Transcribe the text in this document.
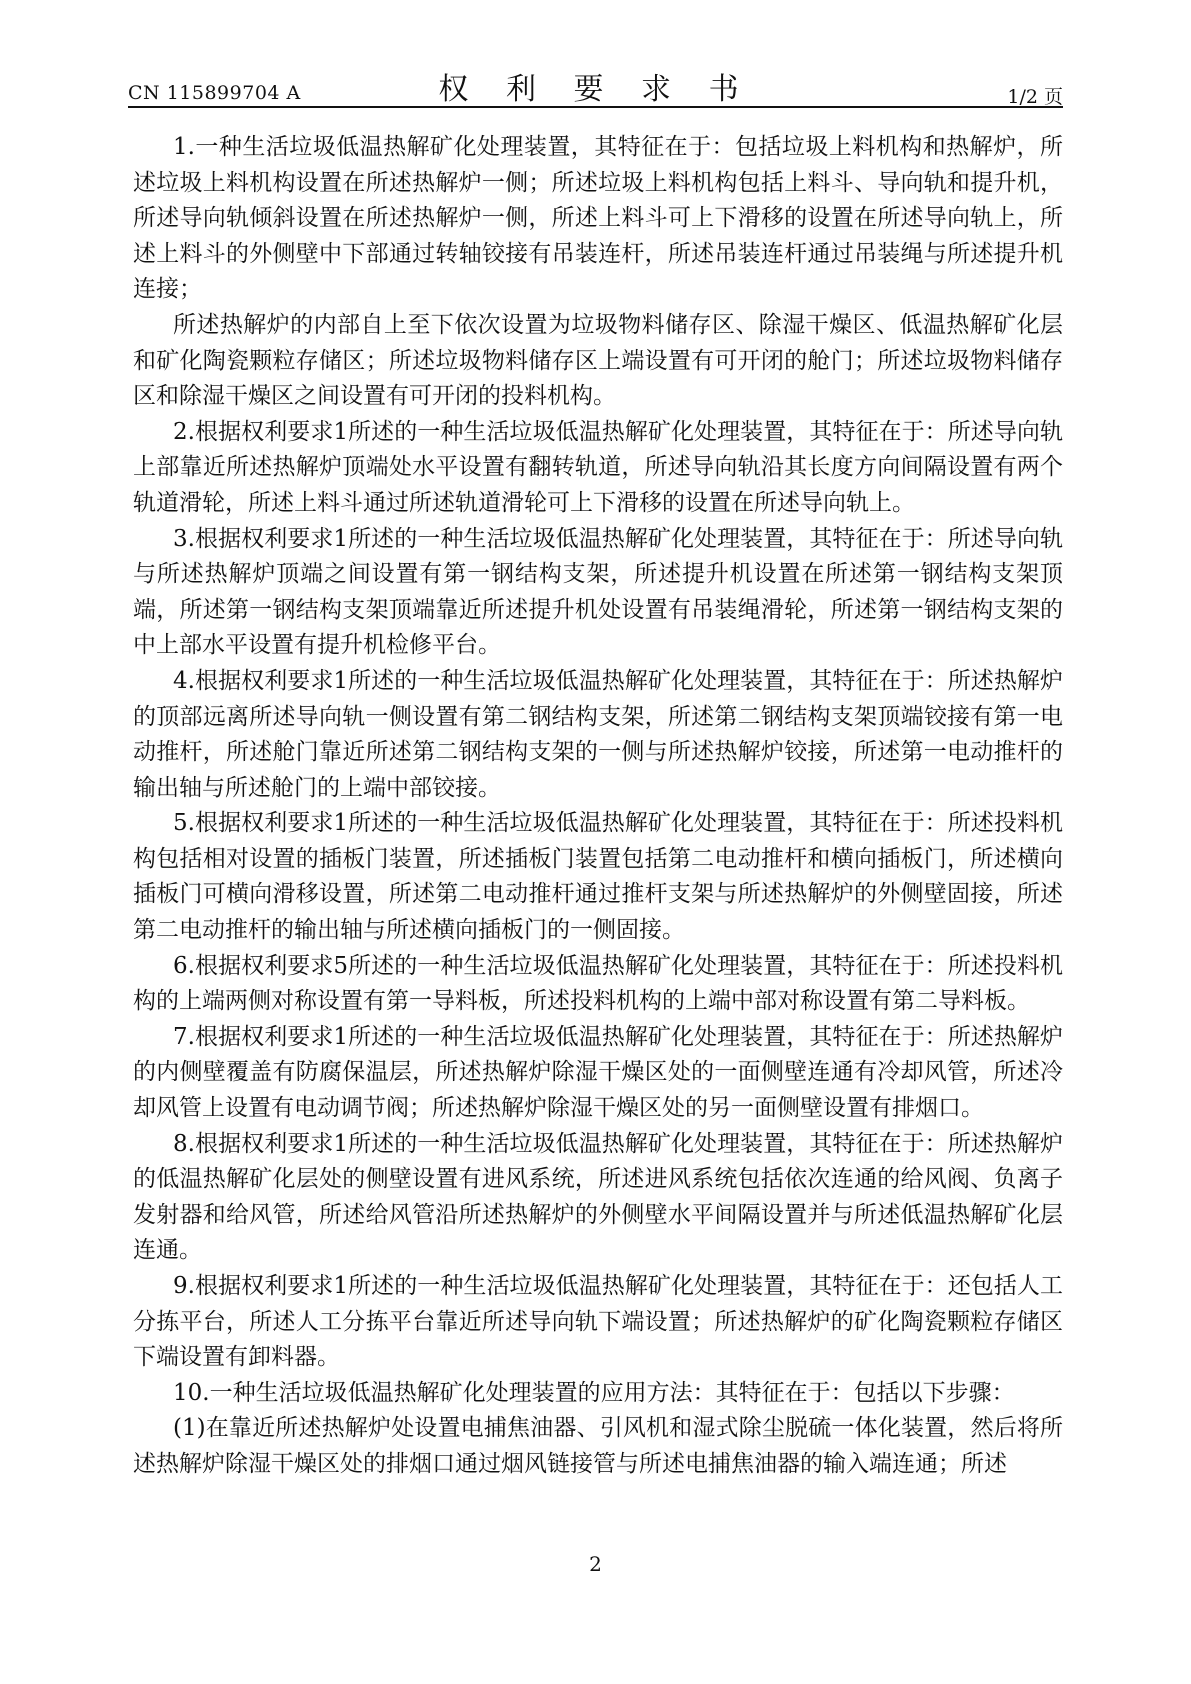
CN 115899704 A	权 利 要 求 书	1/2 页

1.一种生活垃圾低温热解矿化处理装置，其特征在于：包括垃圾上料机构和热解炉，所述垃圾上料机构设置在所述热解炉一侧；所述垃圾上料机构包括上料斗、导向轨和提升机，所述导向轨倾斜设置在所述热解炉一侧，所述上料斗可上下滑移的设置在所述导向轨上，所述上料斗的外侧壁中下部通过转轴铰接有吊装连杆，所述吊装连杆通过吊装绳与所述提升机连接；

所述热解炉的内部自上至下依次设置为垃圾物料储存区、除湿干燥区、低温热解矿化层和矿化陶瓷颗粒存储区；所述垃圾物料储存区上端设置有可开闭的舱门；所述垃圾物料储存区和除湿干燥区之间设置有可开闭的投料机构。

2.根据权利要求1所述的一种生活垃圾低温热解矿化处理装置，其特征在于：所述导向轨上部靠近所述热解炉顶端处水平设置有翻转轨道，所述导向轨沿其长度方向间隔设置有两个轨道滑轮，所述上料斗通过所述轨道滑轮可上下滑移的设置在所述导向轨上。

3.根据权利要求1所述的一种生活垃圾低温热解矿化处理装置，其特征在于：所述导向轨与所述热解炉顶端之间设置有第一钢结构支架，所述提升机设置在所述第一钢结构支架顶端，所述第一钢结构支架顶端靠近所述提升机处设置有吊装绳滑轮，所述第一钢结构支架的中上部水平设置有提升机检修平台。

4.根据权利要求1所述的一种生活垃圾低温热解矿化处理装置，其特征在于：所述热解炉的顶部远离所述导向轨一侧设置有第二钢结构支架，所述第二钢结构支架顶端铰接有第一电动推杆，所述舱门靠近所述第二钢结构支架的一侧与所述热解炉铰接，所述第一电动推杆的输出轴与所述舱门的上端中部铰接。

5.根据权利要求1所述的一种生活垃圾低温热解矿化处理装置，其特征在于：所述投料机构包括相对设置的插板门装置，所述插板门装置包括第二电动推杆和横向插板门，所述横向插板门可横向滑移设置，所述第二电动推杆通过推杆支架与所述热解炉的外侧壁固接，所述第二电动推杆的输出轴与所述横向插板门的一侧固接。

6.根据权利要求5所述的一种生活垃圾低温热解矿化处理装置，其特征在于：所述投料机构的上端两侧对称设置有第一导料板，所述投料机构的上端中部对称设置有第二导料板。

7.根据权利要求1所述的一种生活垃圾低温热解矿化处理装置，其特征在于：所述热解炉的内侧壁覆盖有防腐保温层，所述热解炉除湿干燥区处的一面侧壁连通有冷却风管，所述冷却风管上设置有电动调节阀；所述热解炉除湿干燥区处的另一面侧壁设置有排烟口。

8.根据权利要求1所述的一种生活垃圾低温热解矿化处理装置，其特征在于：所述热解炉的低温热解矿化层处的侧壁设置有进风系统，所述进风系统包括依次连通的给风阀、负离子发射器和给风管，所述给风管沿所述热解炉的外侧壁水平间隔设置并与所述低温热解矿化层连通。

9.根据权利要求1所述的一种生活垃圾低温热解矿化处理装置，其特征在于：还包括人工分拣平台，所述人工分拣平台靠近所述导向轨下端设置；所述热解炉的矿化陶瓷颗粒存储区下端设置有卸料器。

10.一种生活垃圾低温热解矿化处理装置的应用方法：其特征在于：包括以下步骤：

(1)在靠近所述热解炉处设置电捕焦油器、引风机和湿式除尘脱硫一体化装置，然后将所述热解炉除湿干燥区处的排烟口通过烟风链接管与所述电捕焦油器的输入端连通；所述

2
